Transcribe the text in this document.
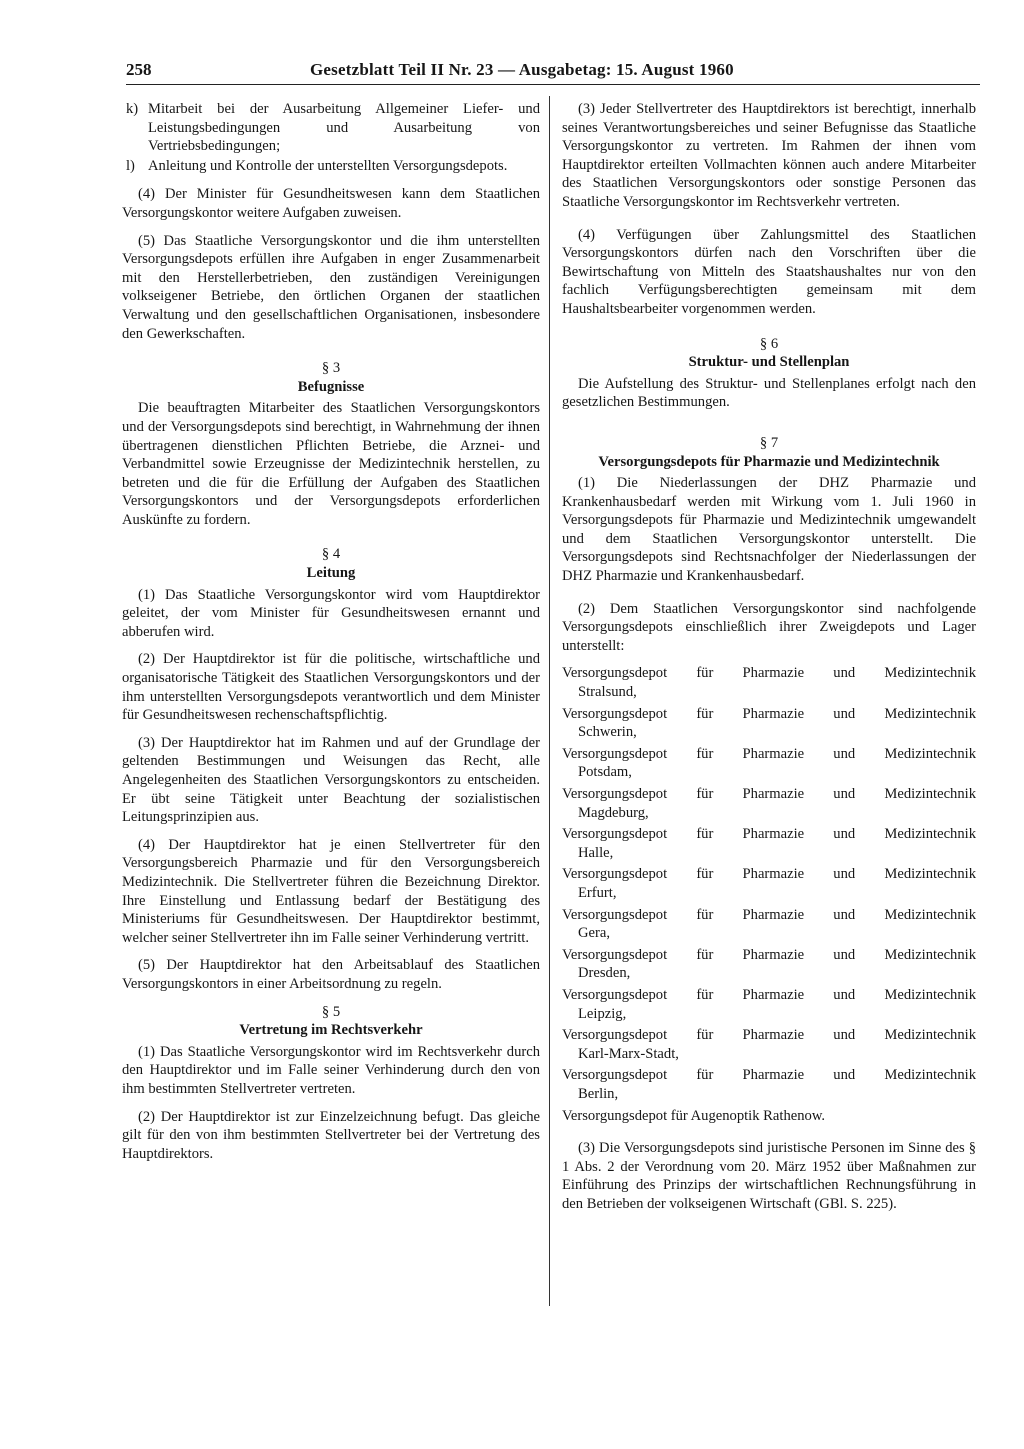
258	Gesetzblatt Teil II Nr. 23 — Ausgabetag: 15. August 1960
k) Mitarbeit bei der Ausarbeitung Allgemeiner Liefer- und Leistungsbedingungen und Ausarbeitung von Vertriebsbedingungen;
l) Anleitung und Kontrolle der unterstellten Versorgungsdepots.

(4) Der Minister für Gesundheitswesen kann dem Staatlichen Versorgungskontor weitere Aufgaben zuweisen.

(5) Das Staatliche Versorgungskontor und die ihm unterstellten Versorgungsdepots erfüllen ihre Aufgaben in enger Zusammenarbeit mit den Herstellerbetrieben, den zuständigen Vereinigungen volkseigener Betriebe, den örtlichen Organen der staatlichen Verwaltung und den gesellschaftlichen Organisationen, insbesondere den Gewerkschaften.

§ 3
Befugnisse

Die beauftragten Mitarbeiter des Staatlichen Versorgungskontors und der Versorgungsdepots sind berechtigt, in Wahrnehmung der ihnen übertragenen dienstlichen Pflichten Betriebe, die Arznei- und Verbandmittel sowie Erzeugnisse der Medizintechnik herstellen, zu betreten und die für die Erfüllung der Aufgaben des Staatlichen Versorgungskontors und der Versorgungsdepots erforderlichen Auskünfte zu fordern.

§ 4
Leitung

(1) Das Staatliche Versorgungskontor wird vom Hauptdirektor geleitet, der vom Minister für Gesundheitswesen ernannt und abberufen wird.

(2) Der Hauptdirektor ist für die politische, wirtschaftliche und organisatorische Tätigkeit des Staatlichen Versorgungskontors und der ihm unterstellten Versorgungsdepots verantwortlich und dem Minister für Gesundheitswesen rechenschaftspflichtig.

(3) Der Hauptdirektor hat im Rahmen und auf der Grundlage der geltenden Bestimmungen und Weisungen das Recht, alle Angelegenheiten des Staatlichen Versorgungskontors zu entscheiden. Er übt seine Tätigkeit unter Beachtung der sozialistischen Leitungsprinzipien aus.

(4) Der Hauptdirektor hat je einen Stellvertreter für den Versorgungsbereich Pharmazie und für den Versorgungsbereich Medizintechnik. Die Stellvertreter führen die Bezeichnung Direktor. Ihre Einstellung und Entlassung bedarf der Bestätigung des Ministeriums für Gesundheitswesen. Der Hauptdirektor bestimmt, welcher seiner Stellvertreter ihn im Falle seiner Verhinderung vertritt.

(5) Der Hauptdirektor hat den Arbeitsablauf des Staatlichen Versorgungskontors in einer Arbeitsordnung zu regeln.

§ 5
Vertretung im Rechtsverkehr

(1) Das Staatliche Versorgungskontor wird im Rechtsverkehr durch den Hauptdirektor und im Falle seiner Verhinderung durch den von ihm bestimmten Stellvertreter vertreten.

(2) Der Hauptdirektor ist zur Einzelzeichnung befugt. Das gleiche gilt für den von ihm bestimmten Stellvertreter bei der Vertretung des Hauptdirektors.

(3) Jeder Stellvertreter des Hauptdirektors ist berechtigt, innerhalb seines Verantwortungsbereiches und seiner Befugnisse das Staatliche Versorgungskontor zu vertreten. Im Rahmen der ihnen vom Hauptdirektor erteilten Vollmachten können auch andere Mitarbeiter des Staatlichen Versorgungskontors oder sonstige Personen das Staatliche Versorgungskontor im Rechtsverkehr vertreten.

(4) Verfügungen über Zahlungsmittel des Staatlichen Versorgungskontors dürfen nach den Vorschriften über die Bewirtschaftung von Mitteln des Staatshaushaltes nur von den fachlich Verfügungsberechtigten gemeinsam mit dem Haushaltsbearbeiter vorgenommen werden.

§ 6
Struktur- und Stellenplan

Die Aufstellung des Struktur- und Stellenplanes erfolgt nach den gesetzlichen Bestimmungen.

§ 7
Versorgungsdepots für Pharmazie und Medizintechnik

(1) Die Niederlassungen der DHZ Pharmazie und Krankenhausbedarf werden mit Wirkung vom 1. Juli 1960 in Versorgungsdepots für Pharmazie und Medizintechnik umgewandelt und dem Staatlichen Versorgungskontor unterstellt. Die Versorgungsdepots sind Rechtsnachfolger der Niederlassungen der DHZ Pharmazie und Krankenhausbedarf.

(2) Dem Staatlichen Versorgungskontor sind nachfolgende Versorgungsdepots einschließlich ihrer Zweigdepots und Lager unterstellt:

Versorgungsdepot für Pharmazie und Medizintechnik
Stralsund,
Versorgungsdepot für Pharmazie und Medizintechnik
Schwerin,
Versorgungsdepot für Pharmazie und Medizintechnik
Potsdam,
Versorgungsdepot für Pharmazie und Medizintechnik
Magdeburg,
Versorgungsdepot für Pharmazie und Medizintechnik
Halle,
Versorgungsdepot für Pharmazie und Medizintechnik
Erfurt,
Versorgungsdepot für Pharmazie und Medizintechnik
Gera,
Versorgungsdepot für Pharmazie und Medizintechnik
Dresden,
Versorgungsdepot für Pharmazie und Medizintechnik
Leipzig,
Versorgungsdepot für Pharmazie und Medizintechnik
Karl-Marx-Stadt,
Versorgungsdepot für Pharmazie und Medizintechnik
Berlin,
Versorgungsdepot für Augenoptik Rathenow.

(3) Die Versorgungsdepots sind juristische Personen im Sinne des § 1 Abs. 2 der Verordnung vom 20. März 1952 über Maßnahmen zur Einführung des Prinzips der wirtschaftlichen Rechnungsführung in den Betrieben der volkseigenen Wirtschaft (GBl. S. 225).
